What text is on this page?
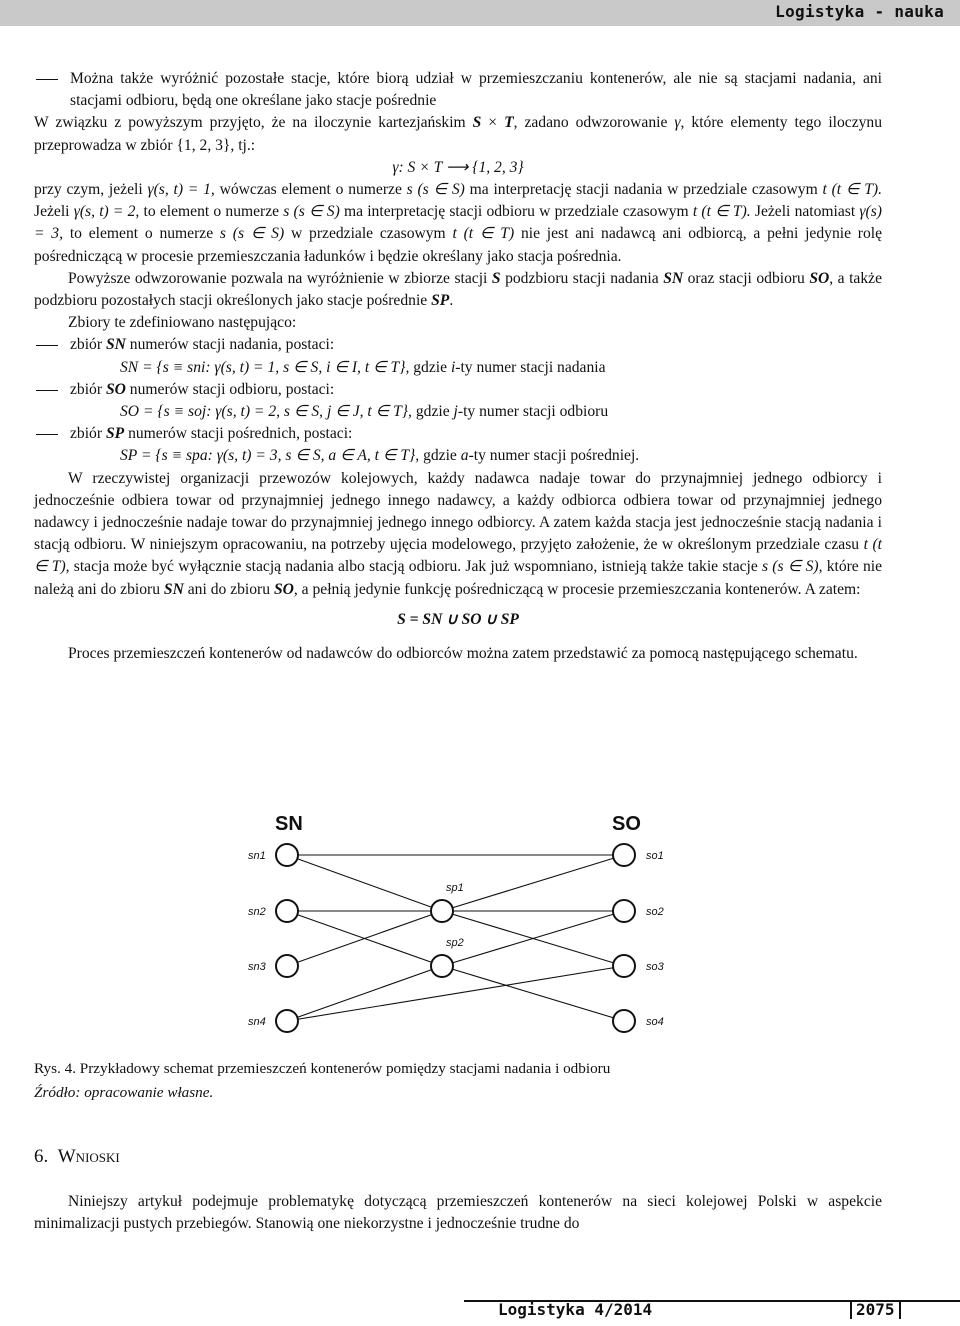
Logistyka - nauka

Można także wyróżnić pozostałe stacje, które biorą udział w przemieszczaniu kontenerów, ale nie są stacjami nadania, ani stacjami odbioru, będą one określane jako stacje pośrednie

W związku z powyższym przyjęto, że na iloczynie kartezjańskim S × T, zadano odwzorowanie γ, które elementy tego iloczynu przeprowadza w zbiór {1, 2, 3}, tj.:

γ: S × T ⟶ {1, 2, 3}

przy czym, jeżeli γ(s, t) = 1, wówczas element o numerze s (s ∈ S) ma interpretację stacji nadania w przedziale czasowym t (t ∈ T). Jeżeli γ(s, t) = 2, to element o numerze s (s ∈ S) ma interpretację stacji odbioru w przedziale czasowym t (t ∈ T). Jeżeli natomiast γ(s) = 3, to element o numerze s (s ∈ S) w przedziale czasowym t (t ∈ T) nie jest ani nadawcą ani odbiorcą, a pełni jedynie rolę pośredniczącą w procesie przemieszczania ładunków i będzie określany jako stacja pośrednia.

Powyższe odwzorowanie pozwala na wyróżnienie w zbiorze stacji S podzbioru stacji nadania SN oraz stacji odbioru SO, a także podzbioru pozostałych stacji określonych jako stacje pośrednie SP.

Zbiory te zdefiniowano następująco:

zbiór SN numerów stacji nadania, postaci:

SN = {s ≡ sni: γ(s, t) = 1, s ∈ S, i ∈ I, t ∈ T}, gdzie i-ty numer stacji nadania

zbiór SO numerów stacji odbioru, postaci:

SO = {s ≡ soj: γ(s, t) = 2, s ∈ S, j ∈ J, t ∈ T}, gdzie j-ty numer stacji odbioru

zbiór SP numerów stacji pośrednich, postaci:

SP = {s ≡ spa: γ(s, t) = 3, s ∈ S, a ∈ A, t ∈ T}, gdzie a-ty numer stacji pośredniej.

W rzeczywistej organizacji przewozów kolejowych, każdy nadawca nadaje towar do przynajmniej jednego odbiorcy i jednocześnie odbiera towar od przynajmniej jednego innego nadawcy, a każdy odbiorca odbiera towar od przynajmniej jednego nadawcy i jednocześnie nadaje towar do przynajmniej jednego innego odbiorcy. A zatem każda stacja jest jednocześnie stacją nadania i stacją odbioru. W niniejszym opracowaniu, na potrzeby ujęcia modelowego, przyjęto założenie, że w określonym przedziale czasu t (t ∈ T), stacja może być wyłącznie stacją nadania albo stacją odbioru. Jak już wspomniano, istnieją także takie stacje s (s ∈ S), które nie należą ani do zbioru SN ani do zbioru SO, a pełnią jedynie funkcję pośredniczącą w procesie przemieszczania kontenerów. A zatem:

S = SN ∪ SO ∪ SP

Proces przemieszczeń kontenerów od nadawców do odbiorców można zatem przedstawić za pomocą następującego schematu.

SN	SO
sn1
sn2
sn3
sn4
so1
so2
so3
so4
sp1
sp2
Rys. 4. Przykładowy schemat przemieszczeń kontenerów pomiędzy stacjami nadania i odbioru
Źródło: opracowanie własne.
6. Wnioski
Niniejszy artykuł podejmuje problematykę dotyczącą przemieszczeń kontenerów na sieci kolejowej Polski w aspekcie minimalizacji pustych przebiegów. Stanowią one niekorzystne i jednocześnie trudne do
Logistyka 4/2014	2075
